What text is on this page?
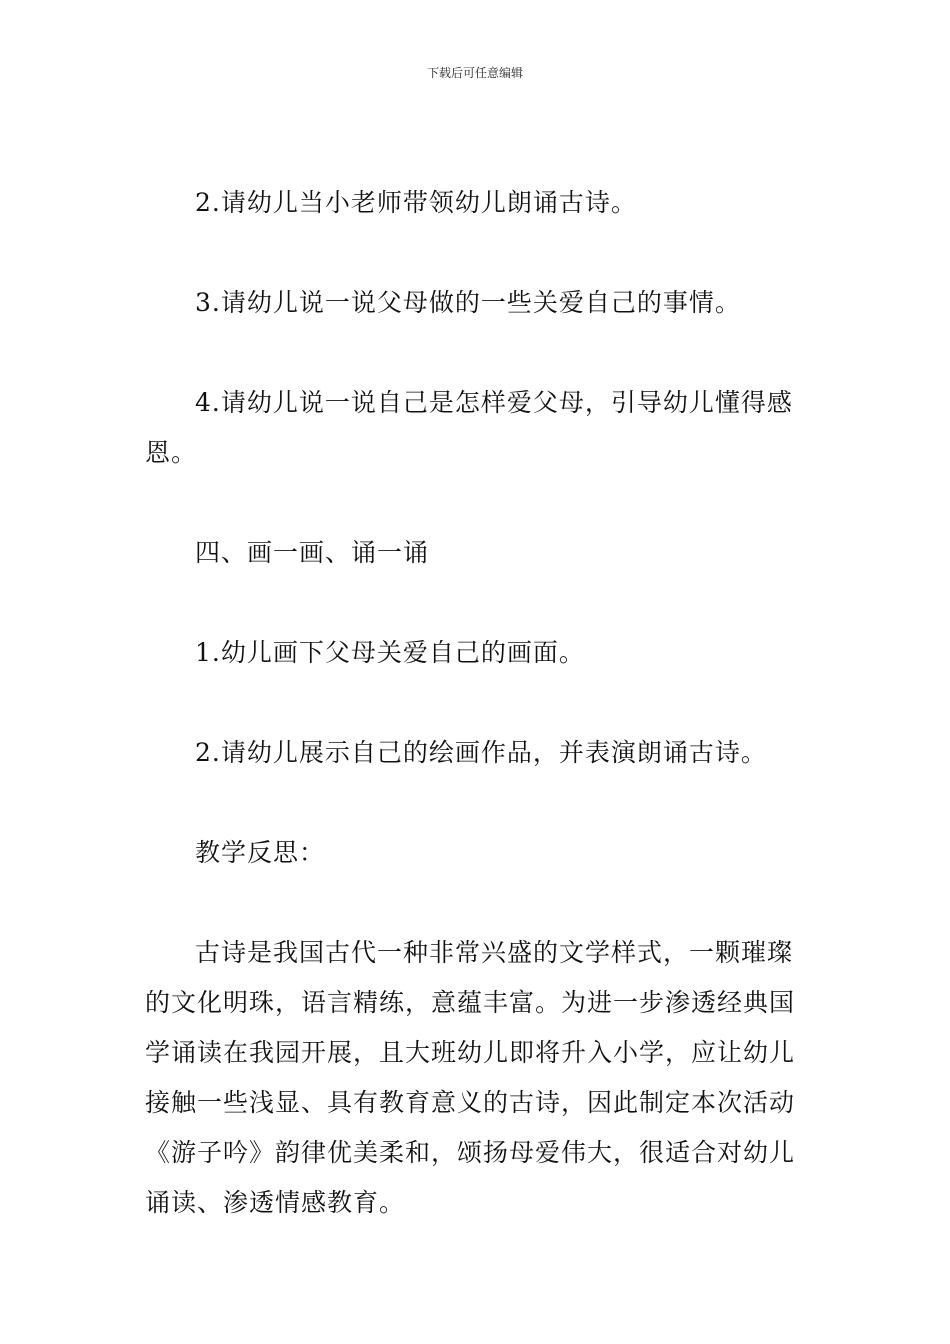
下载后可任意编辑

2.请幼儿当小老师带领幼儿朗诵古诗。

3.请幼儿说一说父母做的一些关爱自己的事情。

4.请幼儿说一说自己是怎样爱父母，引导幼儿懂得感恩。

四、画一画、诵一诵

1.幼儿画下父母关爱自己的画面。

2.请幼儿展示自己的绘画作品，并表演朗诵古诗。

教学反思：

古诗是我国古代一种非常兴盛的文学样式，一颗璀璨的文化明珠，语言精练，意蕴丰富。为进一步渗透经典国学诵读在我园开展，且大班幼儿即将升入小学，应让幼儿接触一些浅显、具有教育意义的古诗，因此制定本次活动《游子吟》韵律优美柔和，颂扬母爱伟大，很适合对幼儿诵读、渗透情感教育。
